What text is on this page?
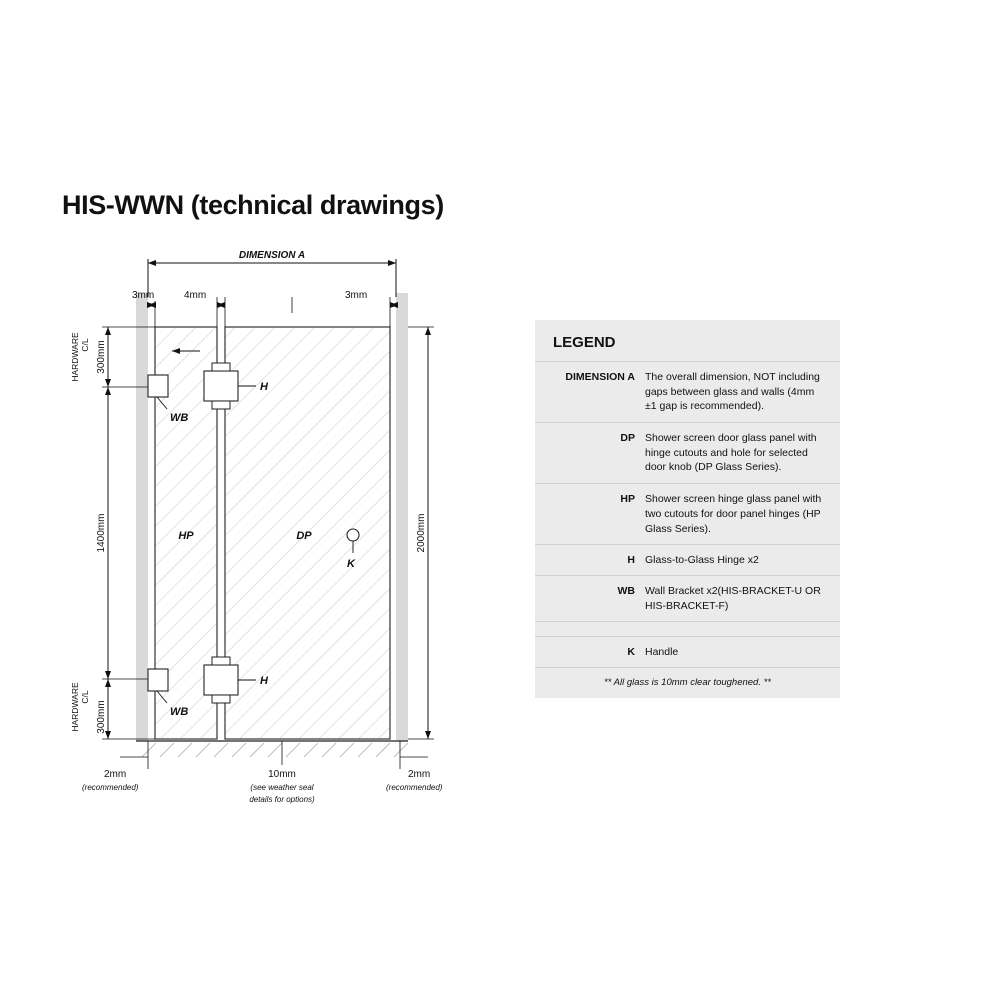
HIS-WWN (technical drawings)
DIMENSION A
3mm	4mm	3mm
300mm
C/L
HARDWARE
1400mm
300mm
C/L
HARDWARE
2000mm
WB
H
WB
H
K
HP	DP
2mm
(recommended)
10mm
(see weather seal
details for options)
2mm
(recommended)
LEGEND
DIMENSION A The overall dimension, NOT including gaps between glass and walls (4mm ±1 gap is recommended).
DP Shower screen door glass panel with hinge cutouts and hole for selected door knob (DP Glass Series).
HP Shower screen hinge glass panel with two cutouts for door panel hinges (HP Glass Series).
H Glass-to-Glass Hinge x2
WB Wall Bracket x2(HIS-BRACKET-U OR HIS-BRACKET-F)
K Handle
** All glass is 10mm clear toughened. **
